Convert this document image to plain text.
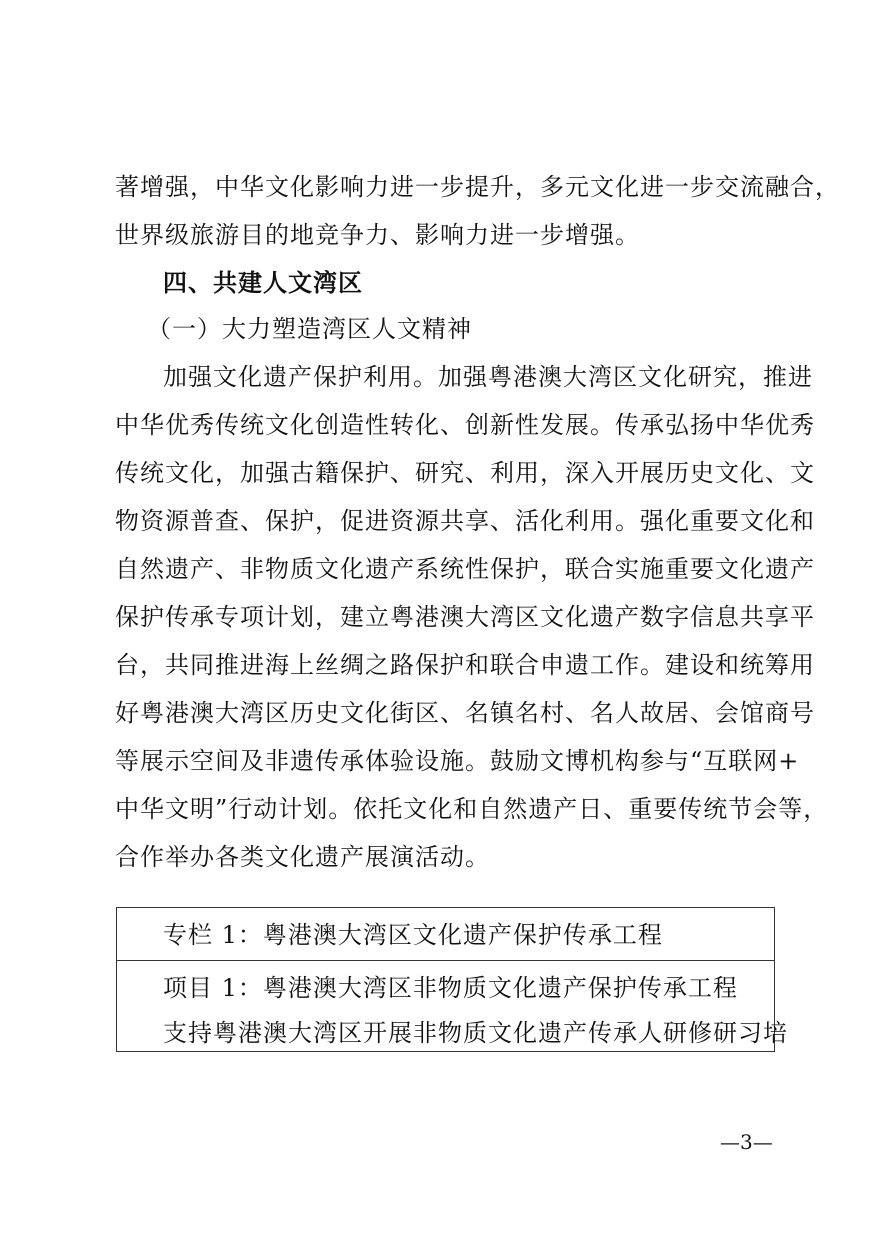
著增强，中华文化影响力进一步提升，多元文化进一步交流融合，
世界级旅游目的地竞争力、影响力进一步增强。
四、共建人文湾区
（一）大力塑造湾区人文精神
加强文化遗产保护利用。加强粤港澳大湾区文化研究，推进
中华优秀传统文化创造性转化、创新性发展。传承弘扬中华优秀
传统文化，加强古籍保护、研究、利用，深入开展历史文化、文
物资源普查、保护，促进资源共享、活化利用。强化重要文化和
自然遗产、非物质文化遗产系统性保护，联合实施重要文化遗产
保护传承专项计划，建立粤港澳大湾区文化遗产数字信息共享平
台，共同推进海上丝绸之路保护和联合申遗工作。建设和统筹用
好粤港澳大湾区历史文化街区、名镇名村、名人故居、会馆商号
等展示空间及非遗传承体验设施。鼓励文博机构参与“互联网+
中华文明”行动计划。依托文化和自然遗产日、重要传统节会等，
合作举办各类文化遗产展演活动。
专栏 1：粤港澳大湾区文化遗产保护传承工程
项目 1：粤港澳大湾区非物质文化遗产保护传承工程
支持粤港澳大湾区开展非物质文化遗产传承人研修研习培
—3—
